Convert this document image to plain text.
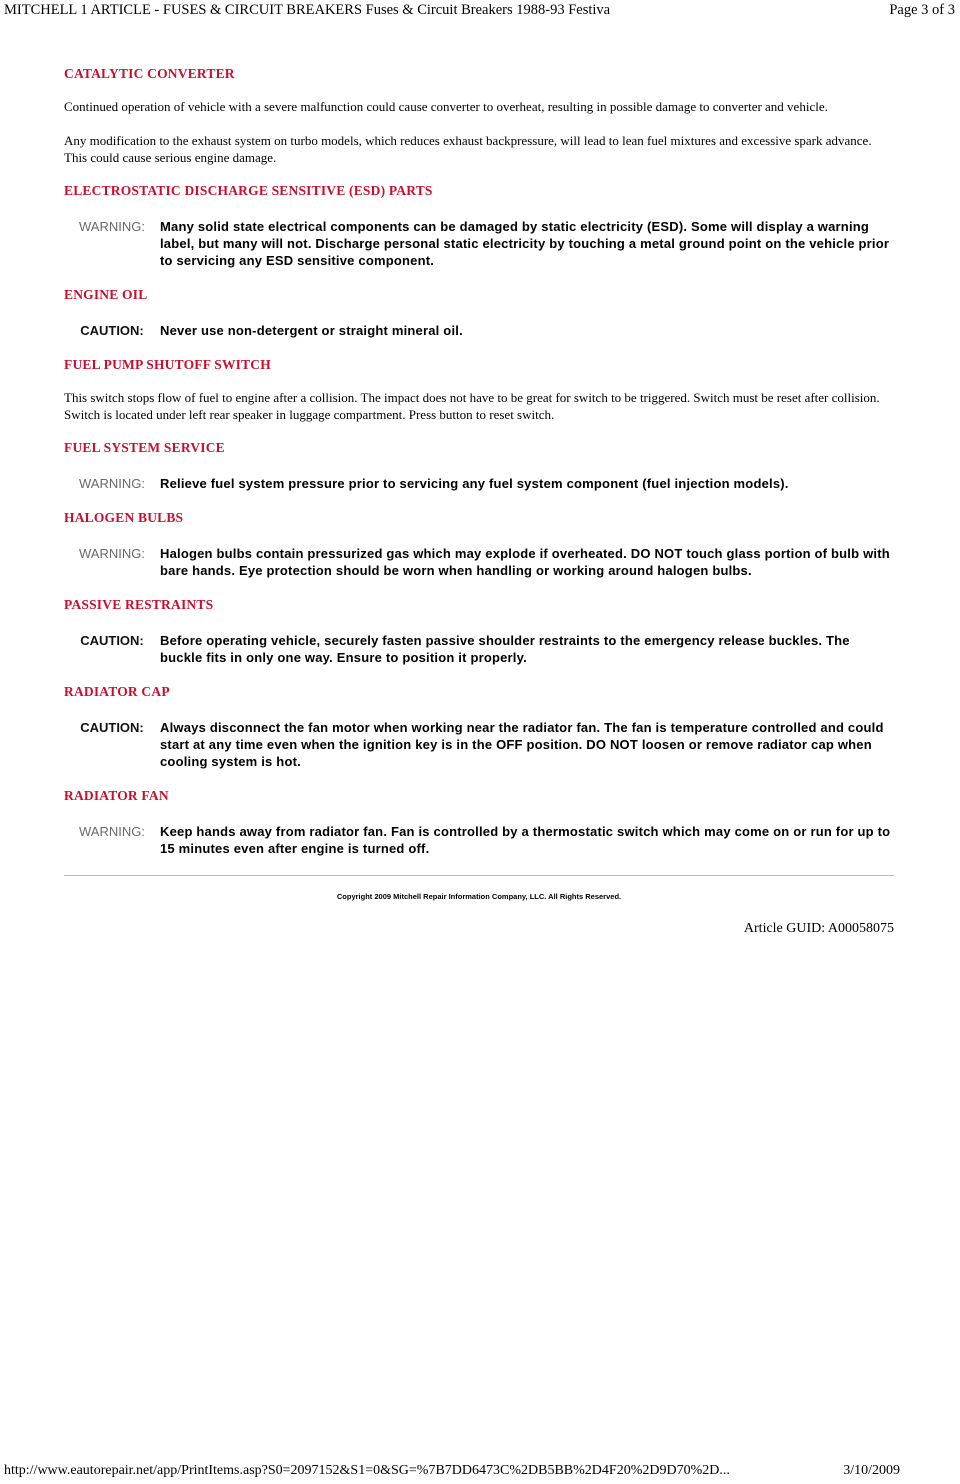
MITCHELL 1 ARTICLE - FUSES & CIRCUIT BREAKERS Fuses & Circuit Breakers 1988-93 Festiva	Page 3 of 3
CATALYTIC CONVERTER

Continued operation of vehicle with a severe malfunction could cause converter to overheat, resulting in possible damage to converter and vehicle.

Any modification to the exhaust system on turbo models, which reduces exhaust backpressure, will lead to lean fuel mixtures and excessive spark advance. This could cause serious engine damage.

ELECTROSTATIC DISCHARGE SENSITIVE (ESD) PARTS
WARNING:	Many solid state electrical components can be damaged by static electricity (ESD). Some will display a warning label, but many will not. Discharge personal static electricity by touching a metal ground point on the vehicle prior to servicing any ESD sensitive component.
ENGINE OIL
CAUTION:	Never use non-detergent or straight mineral oil.
FUEL PUMP SHUTOFF SWITCH

This switch stops flow of fuel to engine after a collision. The impact does not have to be great for switch to be triggered. Switch must be reset after collision. Switch is located under left rear speaker in luggage compartment. Press button to reset switch.

FUEL SYSTEM SERVICE
WARNING:	Relieve fuel system pressure prior to servicing any fuel system component (fuel injection models).
HALOGEN BULBS
WARNING:	Halogen bulbs contain pressurized gas which may explode if overheated. DO NOT touch glass portion of bulb with bare hands. Eye protection should be worn when handling or working around halogen bulbs.
PASSIVE RESTRAINTS
CAUTION:	Before operating vehicle, securely fasten passive shoulder restraints to the emergency release buckles. The buckle fits in only one way. Ensure to position it properly.
RADIATOR CAP
CAUTION:	Always disconnect the fan motor when working near the radiator fan. The fan is temperature controlled and could start at any time even when the ignition key is in the OFF position. DO NOT loosen or remove radiator cap when cooling system is hot.
RADIATOR FAN
WARNING:	Keep hands away from radiator fan. Fan is controlled by a thermostatic switch which may come on or run for up to 15 minutes even after engine is turned off.
Copyright 2009 Mitchell Repair Information Company, LLC. All Rights Reserved.
Article GUID: A00058075
http://www.eautorepair.net/app/PrintItems.asp?S0=2097152&S1=0&SG=%7B7DD6473C%2DB5BB%2D4F20%2D9D70%2D...	3/10/2009
